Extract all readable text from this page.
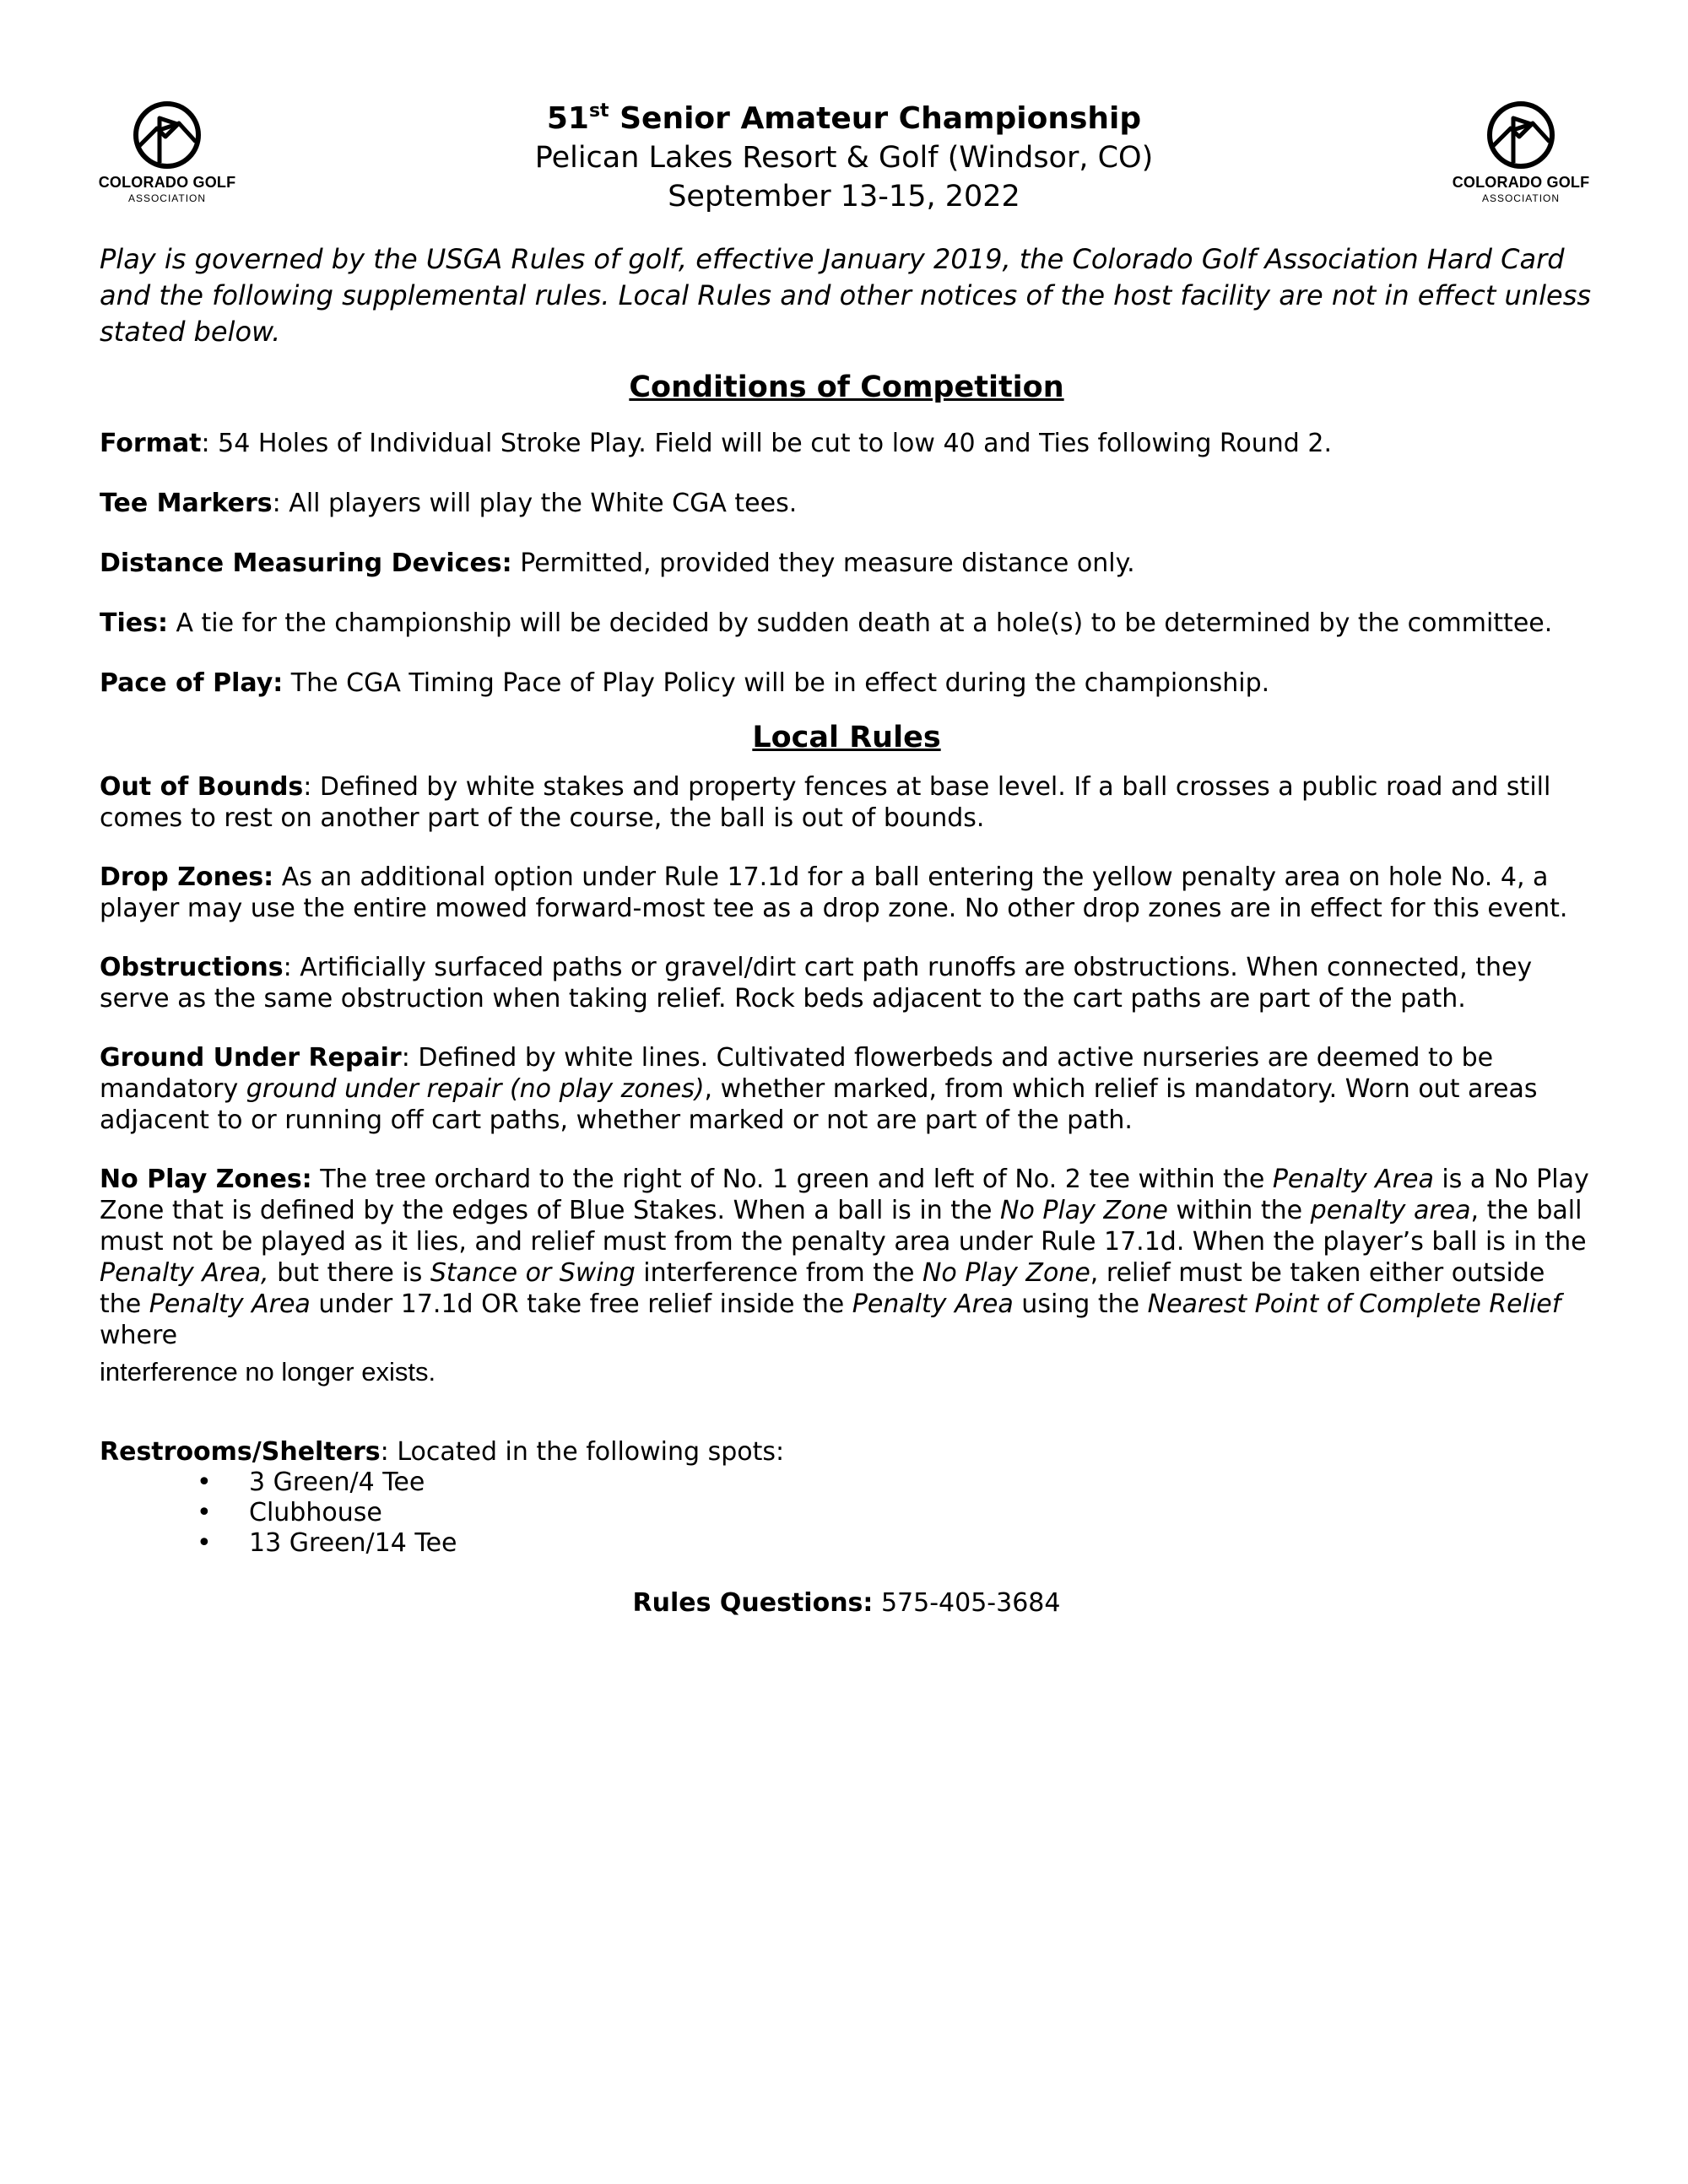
COLORADO GOLF
ASSOCIATION
COLORADO GOLF
ASSOCIATION
51st Senior Amateur Championship
Pelican Lakes Resort & Golf (Windsor, CO)
September 13-15, 2022

Play is governed by the USGA Rules of golf, effective January 2019, the Colorado Golf Association Hard Card and the following supplemental rules. Local Rules and other notices of the host facility are not in effect unless stated below.

Conditions of Competition

Format: 54 Holes of Individual Stroke Play. Field will be cut to low 40 and Ties following Round 2.

Tee Markers: All players will play the White CGA tees.

Distance Measuring Devices: Permitted, provided they measure distance only.

Ties: A tie for the championship will be decided by sudden death at a hole(s) to be determined by the committee.

Pace of Play: The CGA Timing Pace of Play Policy will be in effect during the championship.

Local Rules

Out of Bounds: Defined by white stakes and property fences at base level. If a ball crosses a public road and still comes to rest on another part of the course, the ball is out of bounds.

Drop Zones: As an additional option under Rule 17.1d for a ball entering the yellow penalty area on hole No. 4, a player may use the entire mowed forward-most tee as a drop zone. No other drop zones are in effect for this event.

Obstructions: Artificially surfaced paths or gravel/dirt cart path runoffs are obstructions. When connected, they serve as the same obstruction when taking relief. Rock beds adjacent to the cart paths are part of the path.

Ground Under Repair: Defined by white lines. Cultivated flowerbeds and active nurseries are deemed to be mandatory ground under repair (no play zones), whether marked, from which relief is mandatory. Worn out areas adjacent to or running off cart paths, whether marked or not are part of the path.

No Play Zones: The tree orchard to the right of No. 1 green and left of No. 2 tee within the Penalty Area is a No Play Zone that is defined by the edges of Blue Stakes. When a ball is in the No Play Zone within the penalty area, the ball must not be played as it lies, and relief must from the penalty area under Rule 17.1d. When the player’s ball is in the Penalty Area, but there is Stance or Swing interference from the No Play Zone, relief must be taken either outside the Penalty Area under 17.1d OR take free relief inside the Penalty Area using the Nearest Point of Complete Relief where
interference no longer exists.

Restrooms/Shelters: Located in the following spots:
• 3 Green/4 Tee
• Clubhouse
• 13 Green/14 Tee
Rules Questions: 575-405-3684
